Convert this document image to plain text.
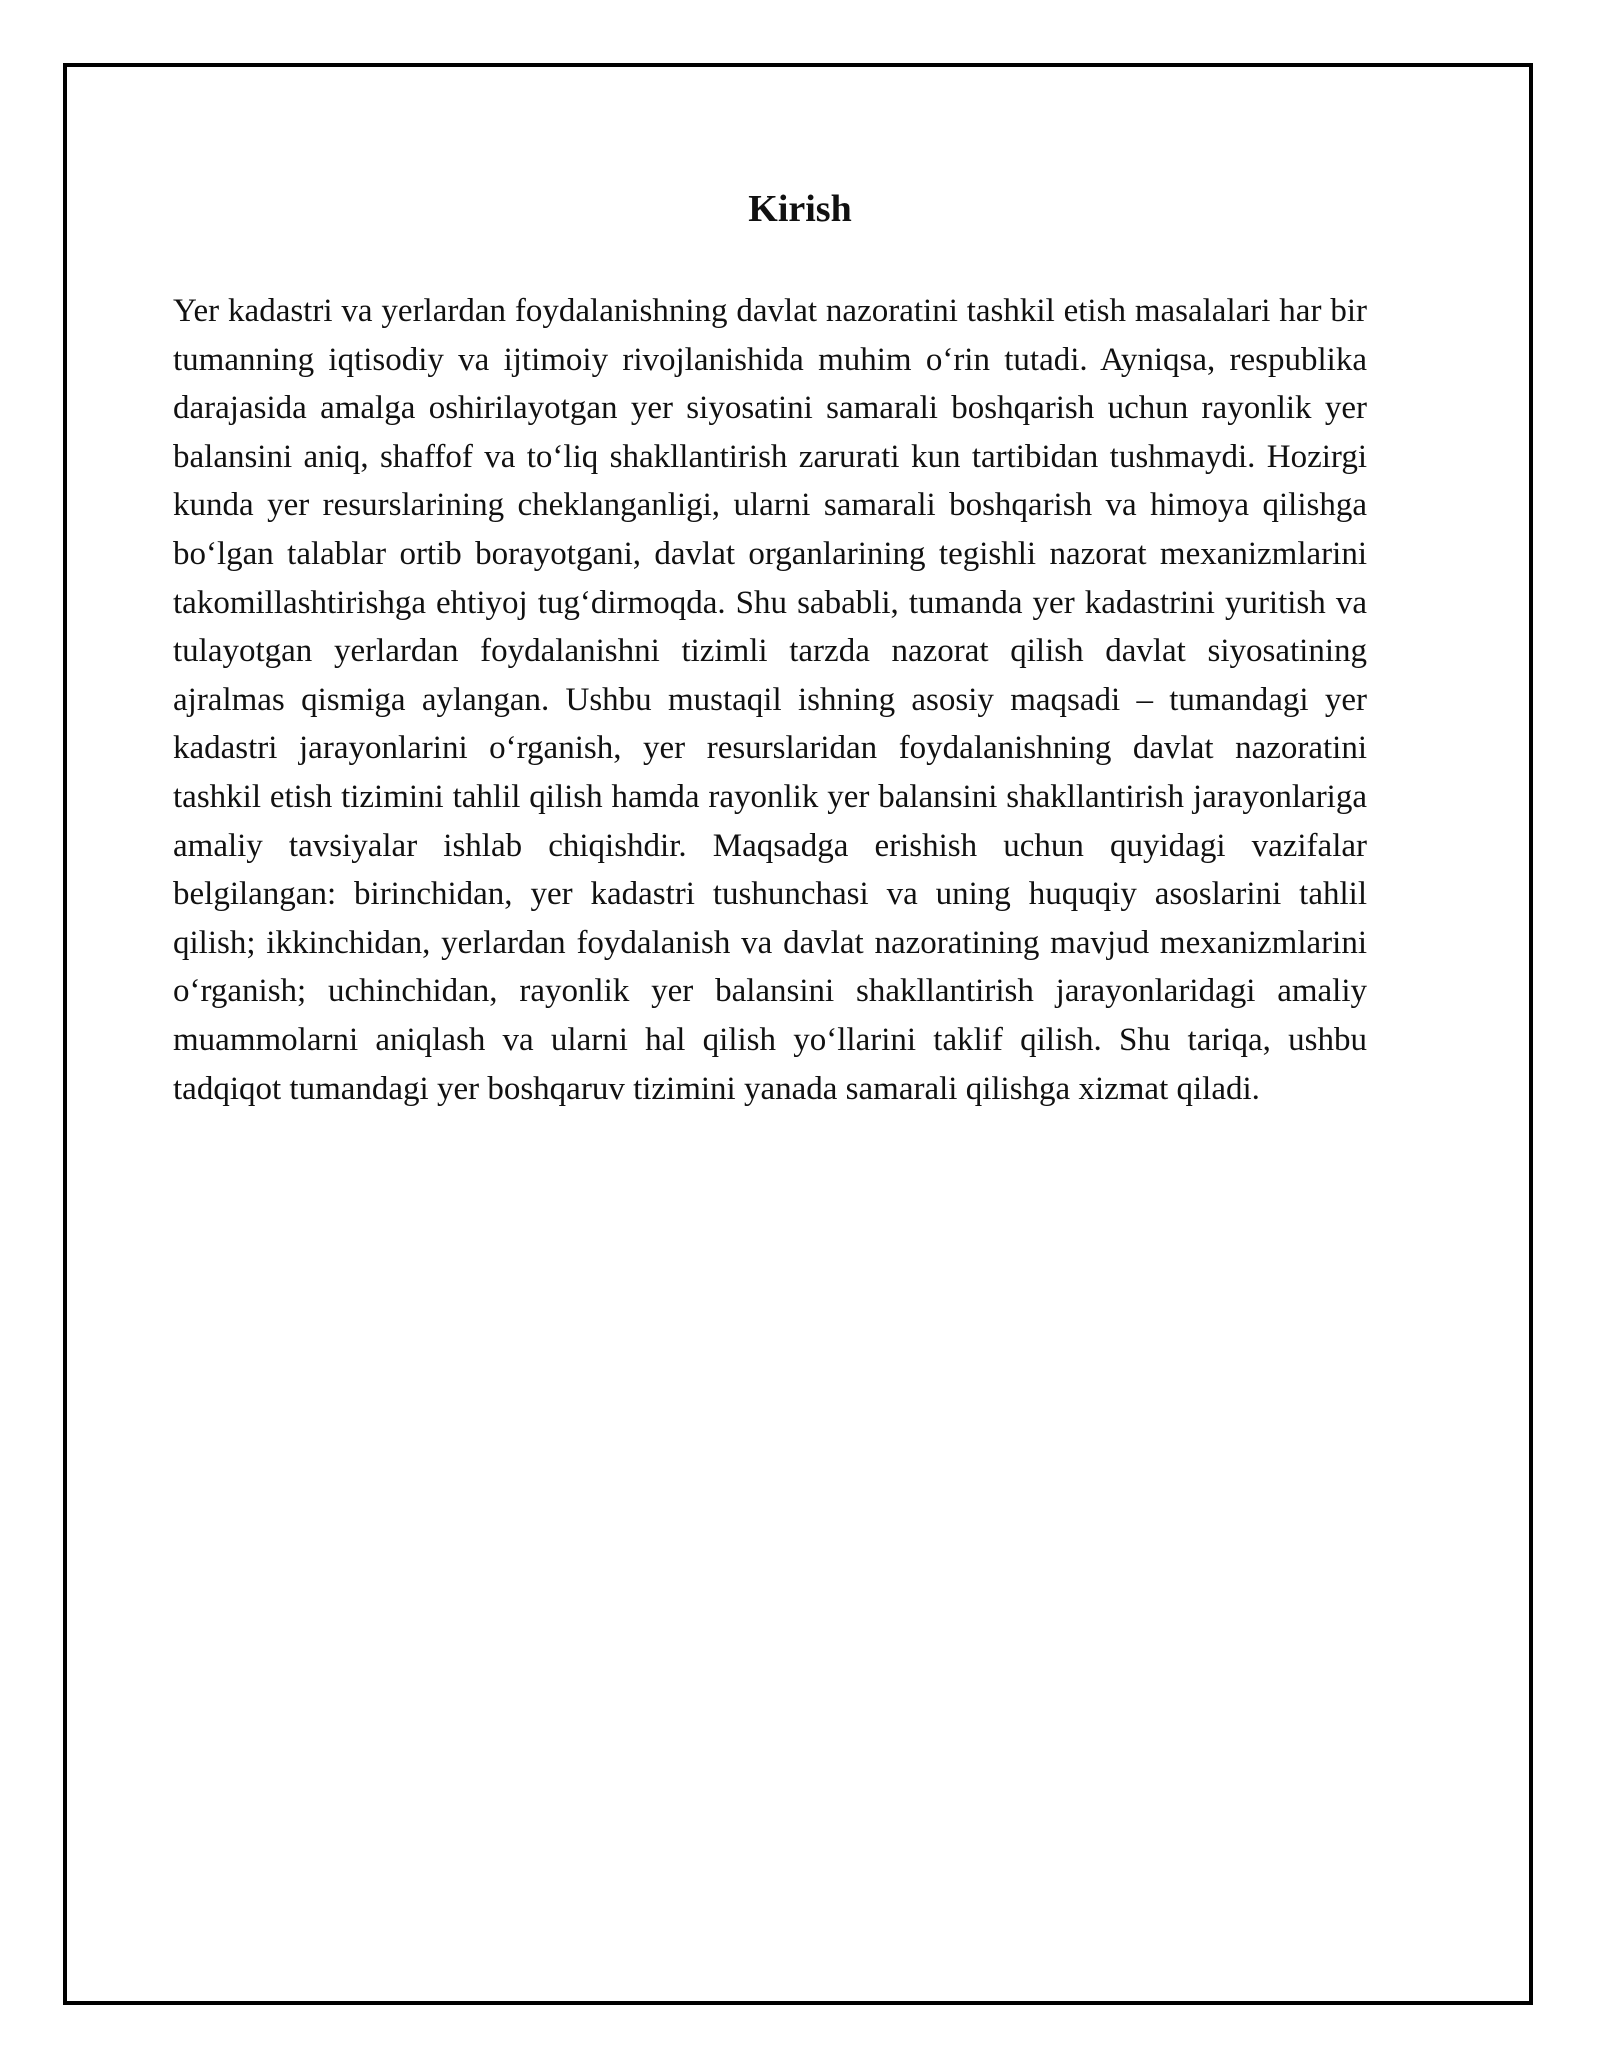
Kirish

Yer kadastri va yerlardan foydalanishning davlat nazoratini tashkil etish masalalari har bir tumanning iqtisodiy va ijtimoiy rivojlanishida muhim o‘rin tutadi. Ayniqsa, respublika darajasida amalga oshirilayotgan yer siyosatini samarali boshqarish uchun rayonlik yer balansini aniq, shaffof va to‘liq shakllantirish zarurati kun tartibidan tushmaydi. Hozirgi kunda yer resurslarining cheklanganligi, ularni samarali boshqarish va himoya qilishga bo‘lgan talablar ortib borayotgani, davlat organlarining tegishli nazorat mexanizmlarini takomillashtirishga ehtiyoj tug‘dirmoqda. Shu sababli, tumanda yer kadastrini yuritish va tulayotgan yerlardan foydalanishni tizimli tarzda nazorat qilish davlat siyosatining ajralmas qismiga aylangan. Ushbu mustaqil ishning asosiy maqsadi – tumandagi yer kadastri jarayonlarini o‘rganish, yer resurslaridan foydalanishning davlat nazoratini tashkil etish tizimini tahlil qilish hamda rayonlik yer balansini shakllantirish jarayonlariga amaliy tavsiyalar ishlab chiqishdir. Maqsadga erishish uchun quyidagi vazifalar belgilangan: birinchidan, yer kadastri tushunchasi va uning huquqiy asoslarini tahlil qilish; ikkinchidan, yerlardan foydalanish va davlat nazoratining mavjud mexanizmlarini o‘rganish; uchinchidan, rayonlik yer balansini shakllantirish jarayonlaridagi amaliy muammolarni aniqlash va ularni hal qilish yo‘llarini taklif qilish. Shu tariqa, ushbu tadqiqot tumandagi yer boshqaruv tizimini yanada samarali qilishga xizmat qiladi.
